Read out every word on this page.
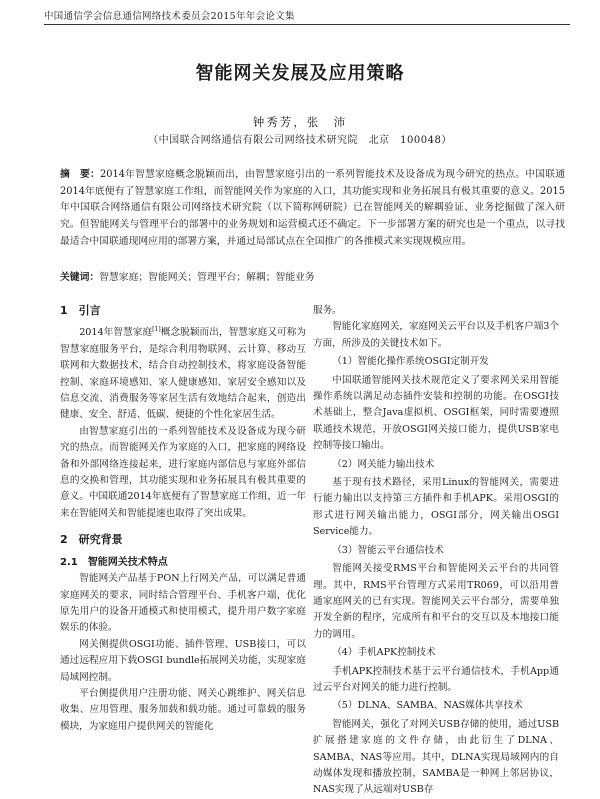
中国通信学会信息通信网络技术委员会2015年年会论文集
智能网关发展及应用策略
钟秀芳，张　沛
（中国联合网络通信有限公司网络技术研究院　北京　100048）
摘　要：2014年智慧家庭概念脱颖而出，由智慧家庭引出的一系列智能技术及设备成为现今研究的热点。中国联通2014年底便有了智慧家庭工作组，而智能网关作为家庭的入口，其功能实现和业务拓展具有极其重要的意义。2015年中国联合网络通信有限公司网络技术研究院（以下简称网研院）已在智能网关的解耦验证、业务挖掘做了深入研究。但智能网关与管理平台的部署中的业务规划和运营模式还不确定。下一步部署方案的研究也是一个重点，以寻找最适合中国联通现网应用的部署方案，并通过局部试点在全国推广的各推模式来实现规模应用。
关键词：智慧家庭；智能网关；管理平台；解耦；智能业务
1　引言

2014年智慧家庭[1]概念脱颖而出，智慧家庭又可称为智慧家庭服务平台，是综合利用物联网、云计算、移动互联网和大数据技术，结合自动控制技术，将家庭设备智能控制、家庭环境感知、家人健康感知、家居安全感知以及信息交流、消费服务等家居生活有效地结合起来，创造出健康、安全、舒适、低碳、便捷的个性化家居生活。

由智慧家庭引出的一系列智能技术及设备成为现今研究的热点。而智能网关作为家庭的入口，把家庭的网络设备和外部网络连接起来，进行家庭内部信息与家庭外部信息的交换和管理，其功能实现和业务拓展具有极其重要的意义。中国联通2014年底便有了智慧家庭工作组，近一年来在智能网关和智能提速也取得了突出成果。

2　研究背景
2.1　智能网关技术特点

智能网关产品基于PON上行网关产品，可以满足普通家庭网关的要求，同时结合管理平台、手机客户端，优化原先用户的设备开通模式和使用模式，提升用户数字家庭娱乐的体验。

网关侧提供OSGI功能、插件管理、USB接口，可以通过远程应用下载OSGI bundle拓展网关功能，实现家庭局域网控制。

平台侧提供用户注册功能、网关心跳维护、网关信息收集、应用管理、服务加载和载功能。通过可靠载的服务模块，为家庭用户提供网关的智能化

服务。

智能化家庭网关，家庭网关云平台以及手机客户端3个方面，所涉及的关键技术如下。

（1）智能化操作系统OSGI定制开发

中国联通智能网关技术规范定义了要求网关采用智能操作系统以满足动态插件安装和控制的功能。在OSGI技术基础上，整合Java虚拟机、OSGI框架，同时需要遵照联通技术规范，开放OSGI网关接口能力，提供USB家电控制等接口输出。

（2）网关能力输出技术

基于现有技术路径，采用Linux的智能网关，需要进行能力输出以支持第三方插件和手机APK。采用OSGI的形式进行网关输出能力，OSGI部分，网关输出OSGI Service能力。

（3）智能云平台通信技术

智能网关接受RMS平台和智能网关云平台的共同管理。其中，RMS平台管理方式采用TR069，可以沿用普通家庭网关的已有实现。智能网关云平台部分，需要单独开发全新的程序，完成所有和平台的交互以及本地接口能力的调用。

（4）手机APK控制技术

手机APK控制技术基于云平台通信技术，手机App通过云平台对网关的能力进行控制。

（5）DLNA、SAMBA、NAS媒体共享技术

智能网关，强化了对网关USB存储的使用，通过USB扩展搭建家庭的文件存储，由此衍生了DLNA、SAMBA、NAS等应用。其中，DLNA实现局域网内的自动媒体发现和播放控制，SAMBA是一种网上邻居协议，NAS实现了从远端对USB存
